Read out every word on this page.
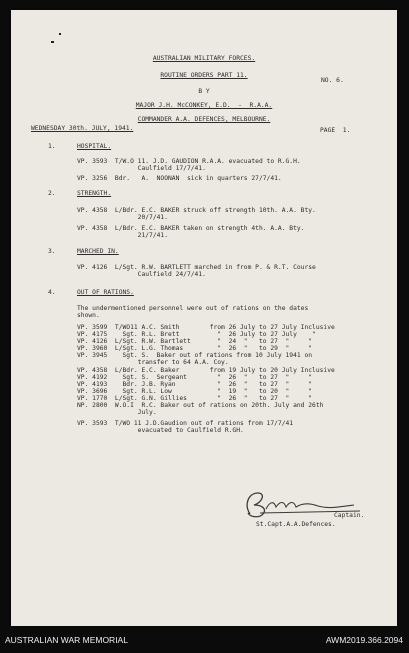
AUSTRALIAN MILITARY FORCES.

ROUTINE ORDERS PART 11.

NO. 6.

B Y

MAJOR J.H. McCONKEY, E.D.  -  R.A.A.

COMMANDER A.A. DEFENCES, MELBOURNE.

WEDNESDAY 30th. JULY, 1941.

	PAGE  1.

1.

	HOSPITAL.

VP. 3593  T/W.O 11. J.D. GAUDION R.A.A. evacuated to R.G.H.

Caulfield 17/7/41.

VP. 3256  Bdr.   A.  NOONAN  sick in quarters 27/7/41.

2.

	STRENGTH.

VP. 4358  L/Bdr. E.C. BAKER struck off strength 10th. A.A. Bty.

20/7/41.

VP. 4358  L/Bdr. E.C. BAKER taken on strength 4th. A.A. Bty.

21/7/41.

3.

	MARCHED IN.

VP. 4126  L/Sgt. R.W. BARTLETT marched in from P. & R.T. Course

Caulfield 24/7/41.

4.

	OUT OF RATIONS.

The undermentioned personnel were out of rations on the dates

shown.

VP. 3599  T/WO11 A.C. Smith        from 26 July to 27 July Inclusive

VP. 4175    Sgt. R.L. Brett          "  26 July to 27 July    "

VP. 4126  L/Sgt. R.W. Bartlett       "  24  "   to 27  "     "

VP. 3960  L/Sgt. L.G. Thomas         "  26  "   to 29  "     "

VP. 3945    Sgt. S.  Baker out of rations from 10 July 1941 on

transfer to 64 A.A. Coy.

VP. 4358  L/Bdr. E.C. Baker        from 19 July to 20 July Inclusive

VP. 4192    Sgt. S.  Sergeant        "  26  "   to 27  "     "

VP. 4193    Bdr. J.B. Ryan           "  26  "   to 27  "     "

VP. 3696    Sgt. R.L. Low            "  19  "   to 20  "     "

VP. 1770  L/Sgt. G.N. Gillies        "  26  "   to 27  "     "

NP. 2800  W.O.I  R.C. Baker out of rations on 20th. July and 26th

July.

VP. 3593  T/WO 11 J.D.Gaudion out of rations from 17/7/41

evacuated to Caulfield R.GH.

Captain.

St.Capt.A.A.Defences.

AUSTRALIAN WAR MEMORIAL	AWM2019.366.2094
